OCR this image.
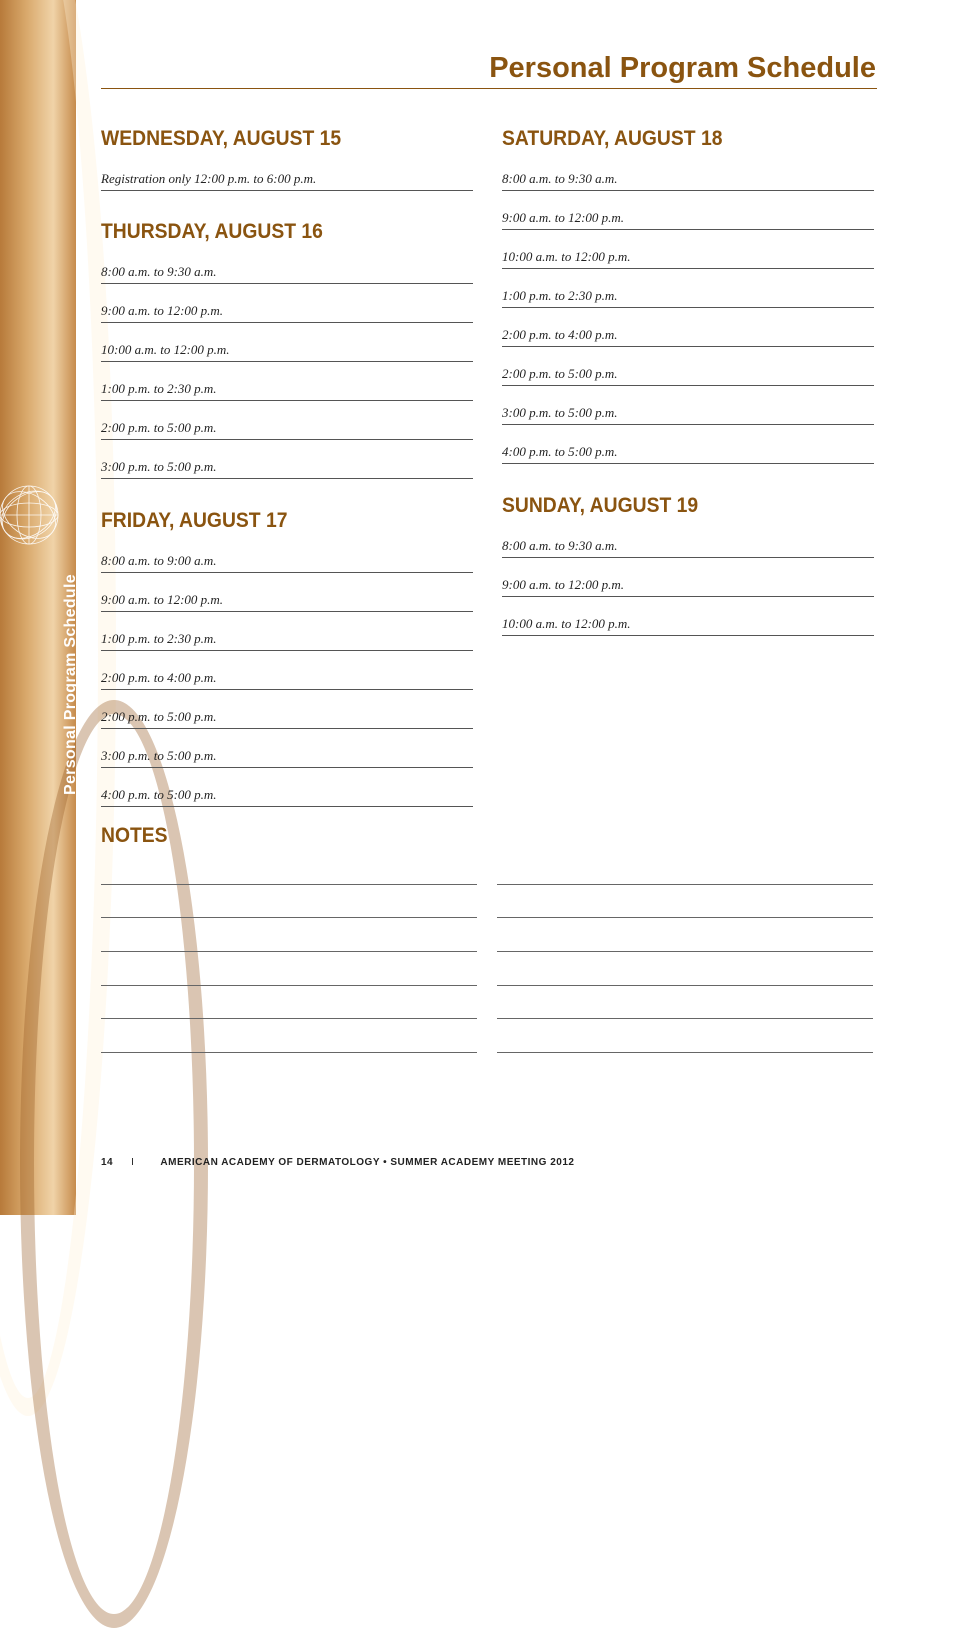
Personal Program Schedule
Personal Program Schedule
WEDNESDAY, AUGUST 15
Registration only 12:00 p.m. to 6:00 p.m.
THURSDAY, AUGUST 16
8:00 a.m. to 9:30 a.m.
9:00 a.m. to 12:00 p.m.
10:00 a.m. to 12:00 p.m.
1:00 p.m. to 2:30 p.m.
2:00 p.m. to 5:00 p.m.
3:00 p.m. to 5:00 p.m.
FRIDAY, AUGUST 17
8:00 a.m. to 9:00 a.m.
9:00 a.m. to 12:00 p.m.
1:00 p.m. to 2:30 p.m.
2:00 p.m. to 4:00 p.m.
2:00 p.m. to 5:00 p.m.
3:00 p.m. to 5:00 p.m.
4:00 p.m. to 5:00 p.m.
SATURDAY, AUGUST 18
8:00 a.m. to 9:30 a.m.
9:00 a.m. to 12:00 p.m.
10:00 a.m. to 12:00 p.m.
1:00 p.m. to 2:30 p.m.
2:00 p.m. to 4:00 p.m.
2:00 p.m. to 5:00 p.m.
3:00 p.m. to 5:00 p.m.
4:00 p.m. to 5:00 p.m.
SUNDAY, AUGUST 19
8:00 a.m. to 9:30 a.m.
9:00 a.m. to 12:00 p.m.
10:00 a.m. to 12:00 p.m.
NOTES
14 I	AMERICAN ACADEMY OF DERMATOLOGY • SUMMER ACADEMY MEETING 2012
